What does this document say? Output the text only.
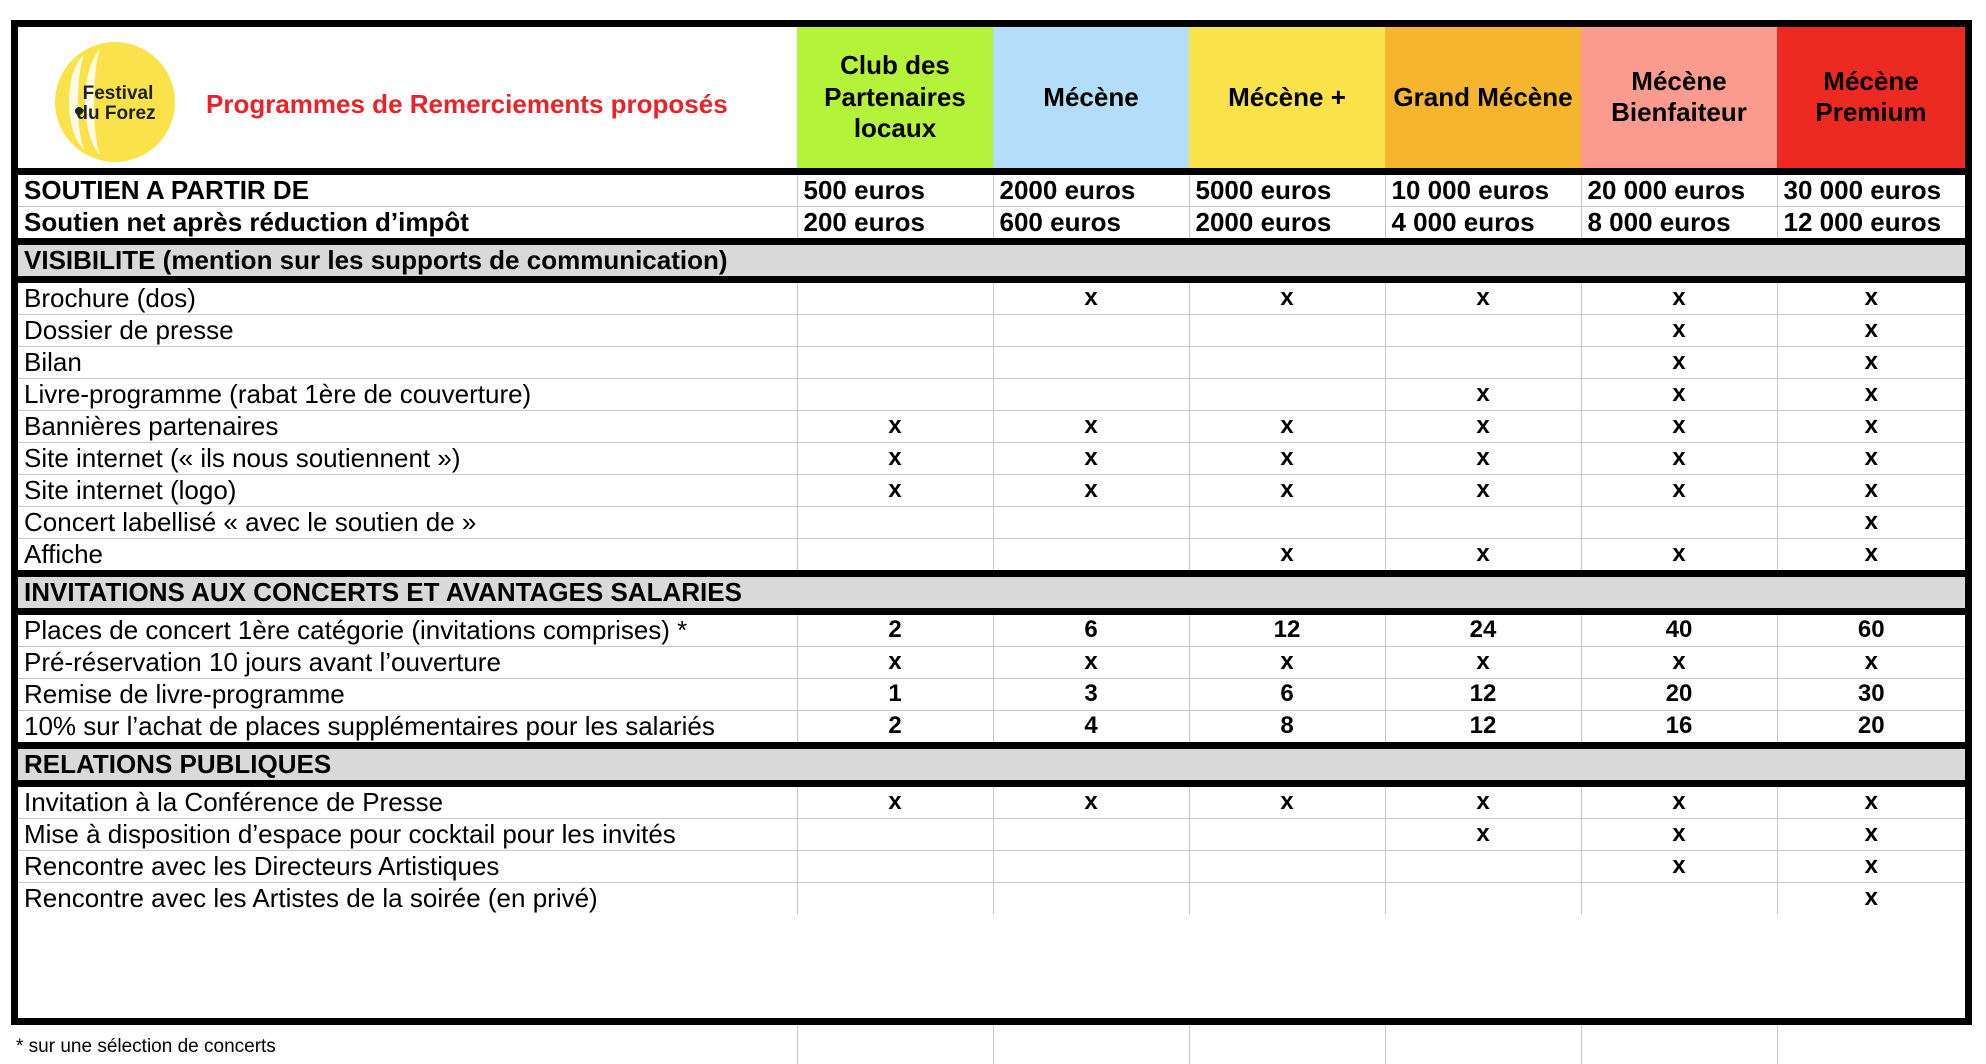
Festival
du Forez Programmes de Remerciements proposés	Club des Partenaires locaux	Mécène	Mécène +	Grand Mécène	Mécène Bienfaiteur	Mécène Premium
SOUTIEN A PARTIR DE	500 euros	2000 euros	5000 euros	10 000 euros	20 000 euros	30 000 euros
Soutien net après réduction d’impôt	200 euros	600 euros	2000 euros	4 000 euros	8 000 euros	12 000 euros
VISIBILITE (mention sur les supports de communication)						
Brochure (dos)		x	x	x	x	x
Dossier de presse					x	x
Bilan					x	x
Livre-programme (rabat 1ère de couverture)				x	x	x
Bannières partenaires	x	x	x	x	x	x
Site internet (« ils nous soutiennent »)	x	x	x	x	x	x
Site internet (logo)	x	x	x	x	x	x
Concert labellisé « avec le soutien de »						x
Affiche			x	x	x	x
INVITATIONS AUX CONCERTS ET AVANTAGES SALARIES						
Places de concert 1ère catégorie (invitations comprises) *	2	6	12	24	40	60
Pré-réservation 10 jours avant l’ouverture	x	x	x	x	x	x
Remise de livre-programme	1	3	6	12	20	30
10% sur l’achat de places supplémentaires pour les salariés	2	4	8	12	16	20
RELATIONS PUBLIQUES						
Invitation à la Conférence de Presse	x	x	x	x	x	x
Mise à disposition d’espace pour cocktail pour les invités				x	x	x
Rencontre avec les Directeurs Artistiques					x	x
Rencontre avec les Artistes de la soirée (en privé)						x
* sur une sélection de concerts
